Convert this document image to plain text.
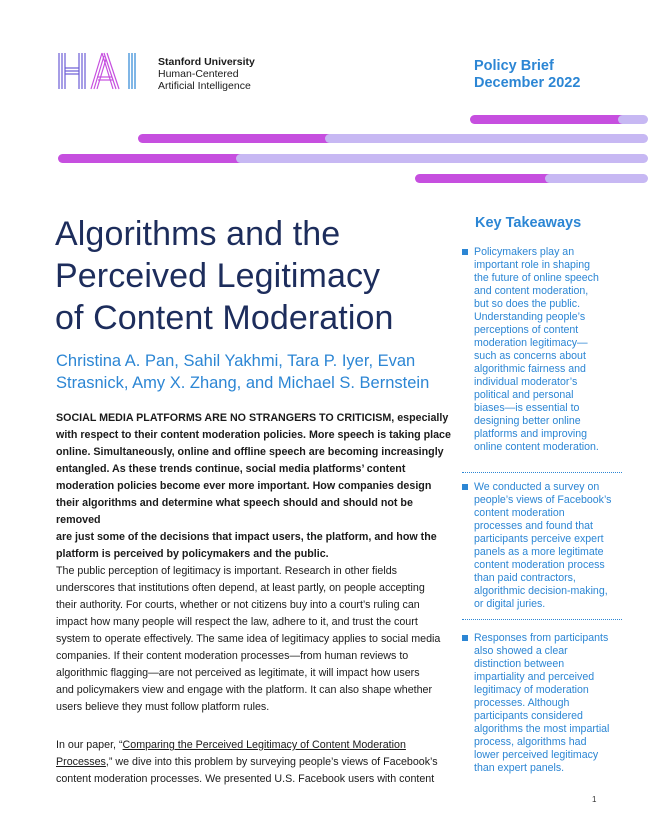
Stanford University
Human-Centered
Artificial Intelligence
Policy Brief
December 2022
Algorithms and the
Perceived Legitimacy
of Content Moderation
Christina A. Pan, Sahil Yakhmi, Tara P. Iyer, Evan
Strasnick, Amy X. Zhang, and Michael S. Bernstein
SOCIAL MEDIA PLATFORMS ARE NO STRANGERS TO CRITICISM, especially
with respect to their content moderation policies. More speech is taking place
online. Simultaneously, online and offline speech are becoming increasingly
entangled. As these trends continue, social media platforms’ content
moderation policies become ever more important. How companies design
their algorithms and determine what speech should and should not be removed
are just some of the decisions that impact users, the platform, and how the
platform is perceived by policymakers and the public.
The public perception of legitimacy is important. Research in other fields
underscores that institutions often depend, at least partly, on people accepting
their authority. For courts, whether or not citizens buy into a court’s ruling can
impact how many people will respect the law, adhere to it, and trust the court
system to operate effectively. The same idea of legitimacy applies to social media
companies. If their content moderation processes—from human reviews to
algorithmic flagging—are not perceived as legitimate, it will impact how users
and policymakers view and engage with the platform. It can also shape whether
users believe they must follow platform rules.
In our paper, “Comparing the Perceived Legitimacy of Content Moderation
Processes,” we dive into this problem by surveying people’s views of Facebook’s
content moderation processes. We presented U.S. Facebook users with content
Key Takeaways
Policymakers play an
important role in shaping
the future of online speech
and content moderation,
but so does the public.
Understanding people’s
perceptions of content
moderation legitimacy—
such as concerns about
algorithmic fairness and
individual moderator’s
political and personal
biases—is essential to
designing better online
platforms and improving
online content moderation.
We conducted a survey on
people’s views of Facebook’s
content moderation
processes and found that
participants perceive expert
panels as a more legitimate
content moderation process
than paid contractors,
algorithmic decision-making,
or digital juries.
Responses from participants
also showed a clear
distinction between
impartiality and perceived
legitimacy of moderation
processes. Although
participants considered
algorithms the most impartial
process, algorithms had
lower perceived legitimacy
than expert panels.
1
